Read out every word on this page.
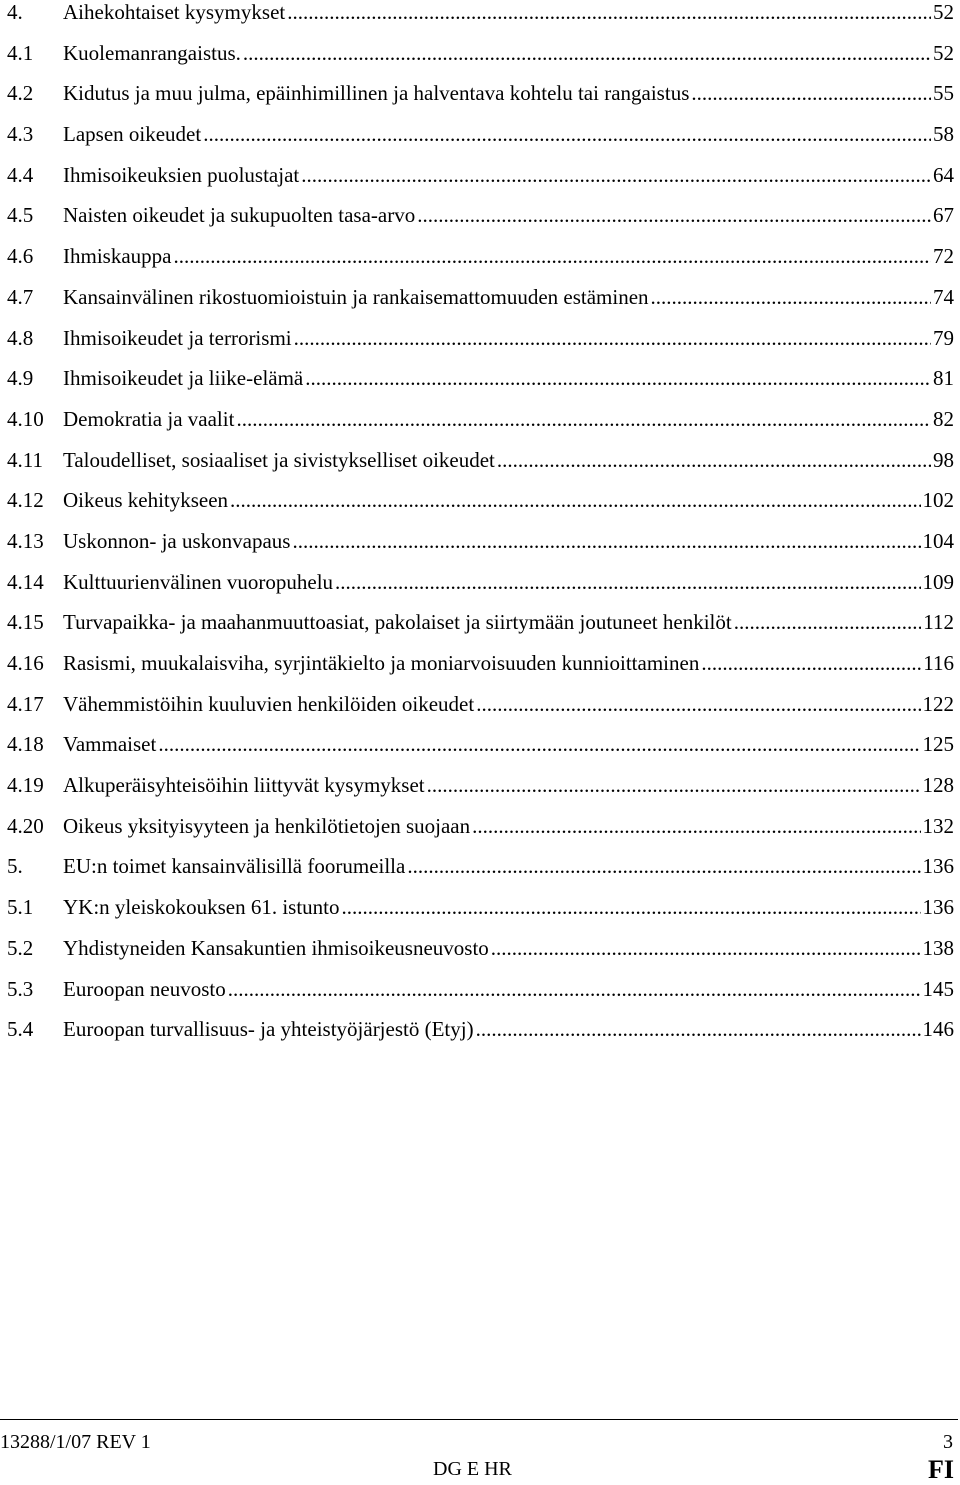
4.	Aihekohtaiset kysymykset .....	52
4.1	Kuolemanrangaistus. .....	52
4.2	Kidutus ja muu julma, epäinhimillinen ja halventava kohtelu tai rangaistus .....	55
4.3	Lapsen oikeudet .....	58
4.4	Ihmisoikeuksien puolustajat .....	64
4.5	Naisten oikeudet ja sukupuolten tasa-arvo .....	67
4.6	Ihmiskauppa .....	72
4.7	Kansainvälinen rikostuomioistuin ja rankaisemattomuuden estäminen .....	74
4.8	Ihmisoikeudet ja terrorismi .....	79
4.9	Ihmisoikeudet ja liike-elämä .....	81
4.10 Demokratia ja vaalit .....	82
4.11 Taloudelliset, sosiaaliset ja sivistykselliset oikeudet .....	98
4.12 Oikeus kehitykseen .....	102
4.13 Uskonnon- ja uskonvapaus .....	104
4.14 Kulttuurienvälinen vuoropuhelu .....	109
4.15 Turvapaikka- ja maahanmuuttoasiat, pakolaiset ja siirtymään joutuneet henkilöt .....	112
4.16 Rasismi, muukalaisviha, syrjintäkielto ja moniarvoisuuden kunnioittaminen .....	116
4.17 Vähemmistöihin kuuluvien henkilöiden oikeudet .....	122
4.18 Vammaiset .....	125
4.19 Alkuperäisyhteisöihin liittyvät kysymykset .....	128
4.20 Oikeus yksityisyyteen ja henkilötietojen suojaan .....	132
5.	EU:n toimet kansainvälisillä foorumeilla .....	136
5.1	YK:n yleiskokouksen 61. istunto .....	136
5.2	Yhdistyneiden Kansakuntien ihmisoikeusneuvosto .....	138
5.3	Euroopan neuvosto .....	145
5.4	Euroopan turvallisuus- ja yhteistyöjärjestö (Etyj) .....	146
13288/1/07 REV 1	3
DG E HR	FI
